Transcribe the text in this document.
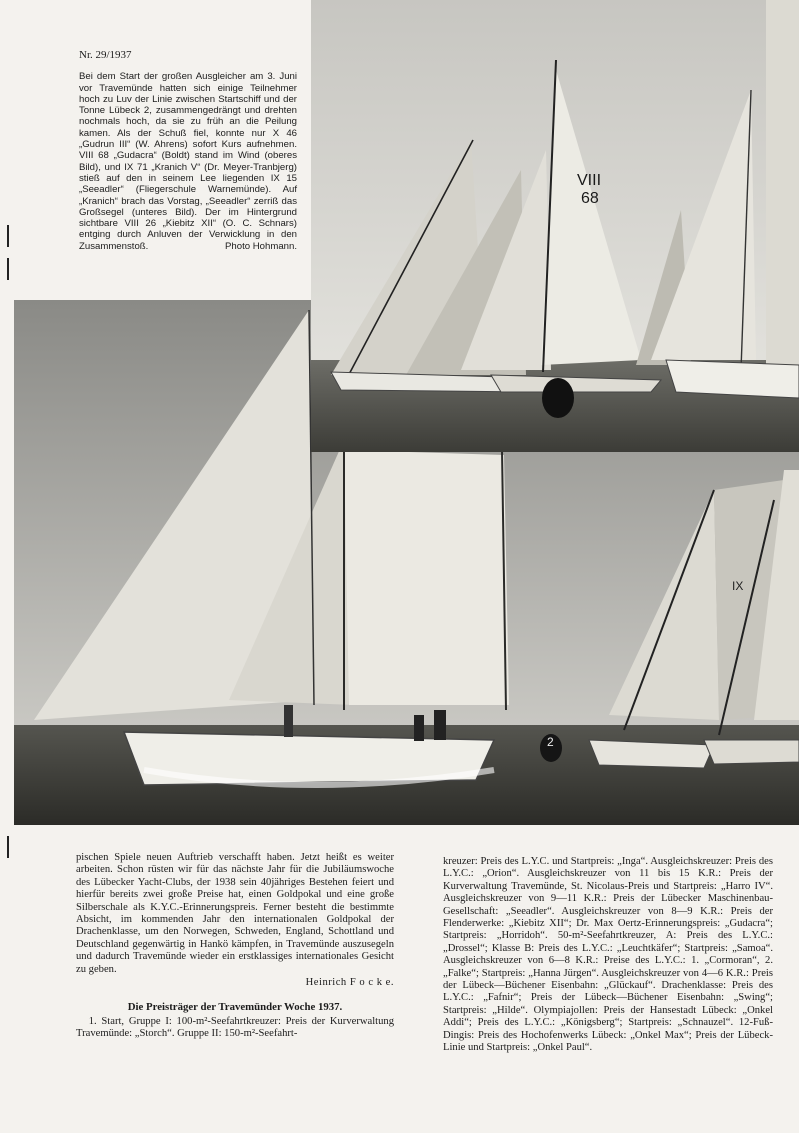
2
IX
VIII
68
Nr. 29/1937
Bei dem Start der großen Ausgleicher am 3. Juni vor Travemünde hatten sich einige Teilnehmer hoch zu Luv der Linie zwischen Startschiff und der Tonne Lübeck 2, zusammengedrängt und drehten nochmals hoch, da sie zu früh an die Peilung kamen. Als der Schuß fiel, konnte nur X 46 „Gudrun III“ (W. Ahrens) sofort Kurs aufnehmen. VIII 68 „Gudacra“ (Boldt) stand im Wind (oberes Bild), und IX 71 „Kranich V“ (Dr. Meyer-Tranbjerg) stieß auf den in seinem Lee liegenden IX 15 „Seeadler“ (Fliegerschule Warnemünde). Auf „Kranich“ brach das Vorstag, „Seeadler“ zerriß das Großsegel (unteres Bild). Der im Hintergrund sichtbare VIII 26 „Kiebitz XII“ (O. C. Schnars) entging durch Anluven der Verwicklung in den Zusammenstoß.	Photo Hohmann.
pischen Spiele neuen Auftrieb verschafft haben. Jetzt heißt es weiter arbeiten. Schon rüsten wir für das nächste Jahr für die Jubiläumswoche des Lübecker Yacht-Clubs, der 1938 sein 40jähriges Bestehen feiert und hierfür bereits zwei große Preise hat, einen Goldpokal und eine große Silberschale als K.Y.C.-Erinnerungspreis. Ferner besteht die bestimmte Absicht, im kommenden Jahr den internationalen Goldpokal der Drachenklasse, um den Norwegen, Schweden, England, Schottland und Deutschland gegenwärtig in Hankö kämpfen, in Travemünde auszusegeln und dadurch Travemünde wieder ein erstklassiges internationales Gesicht zu geben.
Heinrich F o c k e.
Die Preisträger der Travemünder Woche 1937.
1. Start, Gruppe I: 100-m²-Seefahrtkreuzer: Preis der Kurverwaltung Travemünde: „Storch“. Gruppe II: 150-m²-Seefahrt-
kreuzer: Preis des L.Y.C. und Startpreis: „Inga“. Ausgleichskreuzer: Preis des L.Y.C.: „Orion“. Ausgleichskreuzer von 11 bis 15 K.R.: Preis der Kurverwaltung Travemünde, St. Nicolaus-Preis und Startpreis: „Harro IV“. Ausgleichskreuzer von 9—11 K.R.: Preis der Lübecker Maschinenbau-Gesellschaft: „Seeadler“. Ausgleichskreuzer von 8—9 K.R.: Preis der Flenderwerke: „Kiebitz XII“; Dr. Max Oertz-Erinnerungspreis: „Gudacra“; Startpreis: „Horridoh“. 50-m²-Seefahrtkreuzer, A: Preis des L.Y.C.: „Drossel“; Klasse B: Preis des L.Y.C.: „Leuchtkäfer“; Startpreis: „Samoa“. Ausgleichskreuzer von 6—8 K.R.: Preise des L.Y.C.: 1. „Cormoran“, 2. „Falke“; Startpreis: „Hanna Jürgen“. Ausgleichskreuzer von 4—6 K.R.: Preis der Lübeck—Büchener Eisenbahn: „Glückauf“. Drachenklasse: Preis des L.Y.C.: „Fafnir“; Preis der Lübeck—Büchener Eisenbahn: „Swing“; Startpreis: „Hilde“. Olympiajollen: Preis der Hansestadt Lübeck: „Onkel Addi“; Preis des L.Y.C.: „Königsberg“; Startpreis: „Schnauzel“. 12-Fuß-Dingis: Preis des Hochofenwerks Lübeck: „Onkel Max“; Preis der Lübeck-Linie und Startpreis: „Onkel Paul“.
